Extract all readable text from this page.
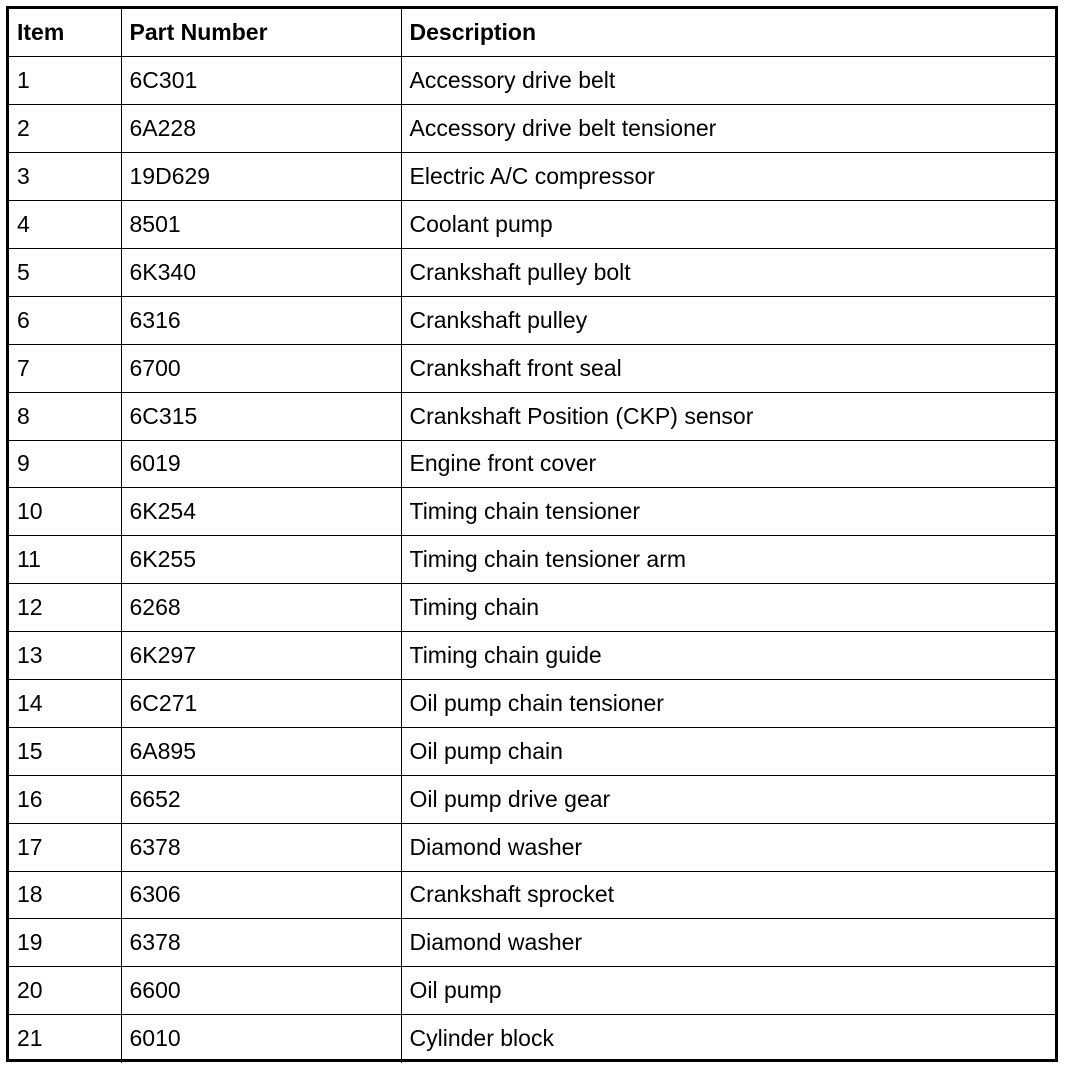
Item	Part Number	Description
1	6C301	Accessory drive belt
2	6A228	Accessory drive belt tensioner
3	19D629	Electric A/C compressor
4	8501	Coolant pump
5	6K340	Crankshaft pulley bolt
6	6316	Crankshaft pulley
7	6700	Crankshaft front seal
8	6C315	Crankshaft Position (CKP) sensor
9	6019	Engine front cover
10	6K254	Timing chain tensioner
11	6K255	Timing chain tensioner arm
12	6268	Timing chain
13	6K297	Timing chain guide
14	6C271	Oil pump chain tensioner
15	6A895	Oil pump chain
16	6652	Oil pump drive gear
17	6378	Diamond washer
18	6306	Crankshaft sprocket
19	6378	Diamond washer
20	6600	Oil pump
21	6010	Cylinder block
